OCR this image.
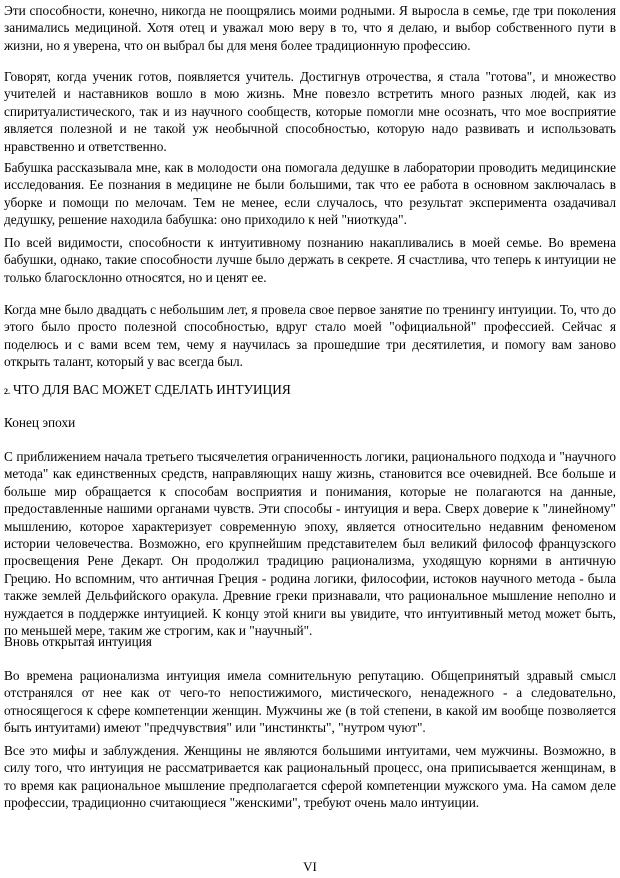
Эти способности, конечно, никогда не поощрялись моими родными. Я выросла в семье, где три поколения занимались медициной. Хотя отец и уважал мою веру в то, что я делаю, и выбор собственного пути в жизни, но я уверена, что он выбрал бы для меня более традиционную профессию.

Говорят, когда ученик готов, появляется учитель. Достигнув отрочества, я стала "готова", и множество учителей и наставников вошло в мою жизнь. Мне повезло встретить много разных людей, как из спиритуалистического, так и из научного сообществ, которые помогли мне осознать, что мое восприятие является полезной и не такой уж необычной способностью, которую надо развивать и использовать нравственно и ответственно.

Бабушка рассказывала мне, как в молодости она помогала дедушке в лаборатории проводить медицинские исследования. Ее познания в медицине не были большими, так что ее работа в основном заключалась в уборке и помощи по мелочам. Тем не менее, если случалось, что результат эксперимента озадачивал дедушку, решение находила бабушка: оно приходило к ней "ниоткуда".

По всей видимости, способности к интуитивному познанию накапливались в моей семье. Во времена бабушки, однако, такие способности лучше было держать в секрете. Я счастлива, что теперь к интуиции не только благосклонно относятся, но и ценят ее.

Когда мне было двадцать с небольшим лет, я провела свое первое занятие по тренингу интуиции. То, что до этого было просто полезной способностью, вдруг стало моей "официальной" профессией. Сейчас я поделюсь и с вами всем тем, чему я научилась за прошедшие три десятилетия, и помогу вам заново открыть талант, который у вас всегда был.

2. ЧТО ДЛЯ ВАС МОЖЕТ СДЕЛАТЬ ИНТУИЦИЯ

Конец эпохи

С приближением начала третьего тысячелетия ограниченность логики, рационального подхода и "научного метода" как единственных средств, направляющих нашу жизнь, становится все очевидней. Все больше и больше мир обращается к способам восприятия и понимания, которые не полагаются на данные, предоставленные нашими органами чувств. Эти способы - интуиция и вера. Сверх доверие к "линейному" мышлению, которое характеризует современную эпоху, является относительно недавним феноменом истории человечества. Возможно, его крупнейшим представителем был великий философ французского просвещения Рене Декарт. Он продолжил традицию рационализма, уходящую корнями в античную Грецию. Но вспомним, что античная Греция - родина логики, философии, истоков научного метода - была также землей Дельфийского оракула. Древние греки признавали, что рациональное мышление неполно и нуждается в поддержке интуицией. К концу этой книги вы увидите, что интуитивный метод может быть, по меньшей мере, таким же строгим, как и "научный".

Вновь открытая интуиция

Во времена рационализма интуиция имела сомнительную репутацию. Общепринятый здравый смысл отстранялся от нее как от чего-то непостижимого, мистического, ненадежного - а следовательно, относящегося к сфере компетенции женщин. Мужчины же (в той степени, в какой им вообще позволяется быть интуитами) имеют "предчувствия" или "инстинкты", "нутром чуют".

Все это мифы и заблуждения. Женщины не являются большими интуитами, чем мужчины. Возможно, в силу того, что интуиция не рассматривается как рациональный процесс, она приписывается женщинам, в то время как рациональное мышление предполагается сферой компетенции мужского ума. На самом деле профессии, традиционно считающиеся "женскими", требуют очень мало интуиции.

VI
